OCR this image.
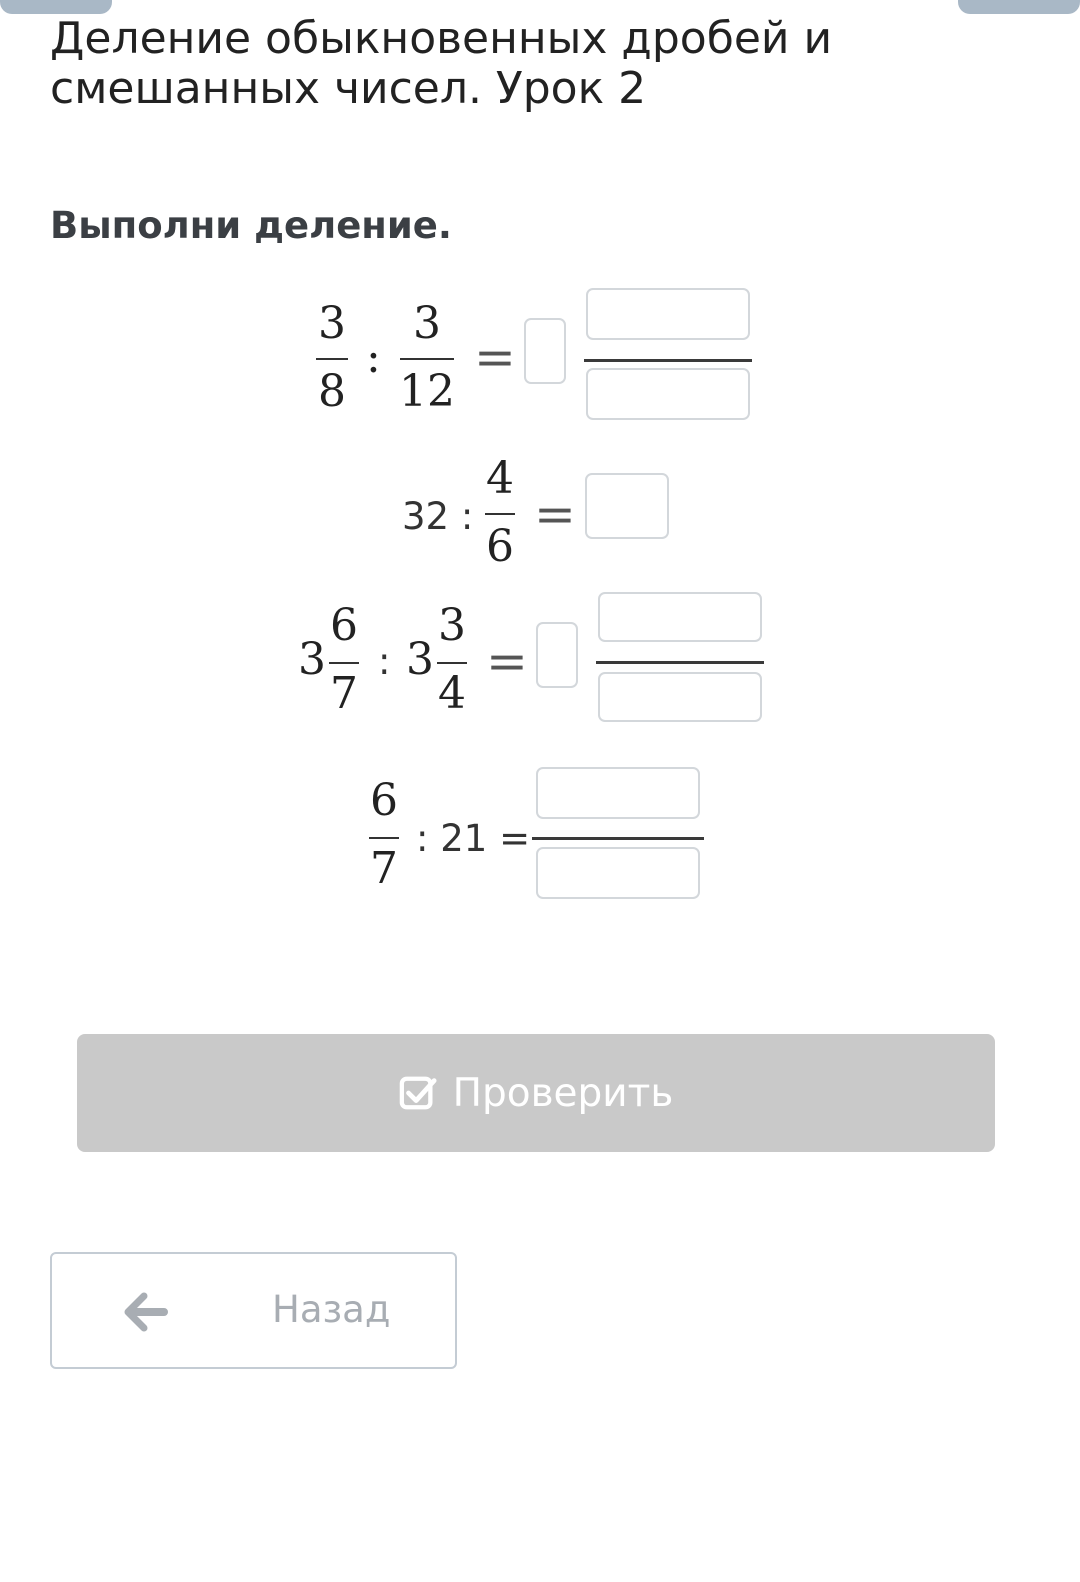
Деление обыкновенных дробей и смешанных чисел. Урок 2
Выполни деление.
3
8
:
3
12
=
32 :
4
6
=
3
6
7
: 3
3
4
=
6
7
: 21 =
Проверить
Назад
